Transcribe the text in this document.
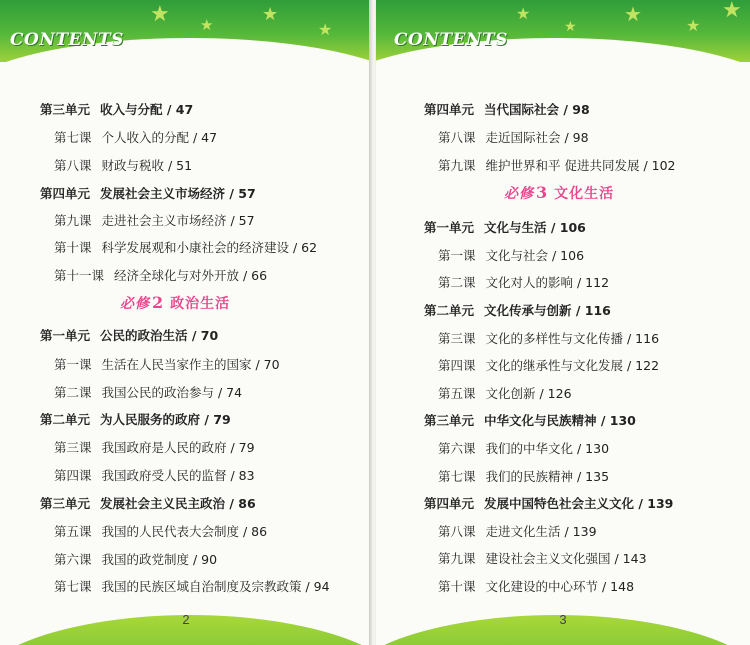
★ ★	★
★
CONTENTS
第三单元 收入与分配 / 47
第七课 个人收入的分配 / 47
第八课 财政与税收 / 51
第四单元 发展社会主义市场经济 / 57
第九课 走进社会主义市场经济 / 57
第十课 科学发展观和小康社会的经济建设 / 62
第十一课 经济全球化与对外开放 / 66
必修 2 政治生活
第一单元 公民的政治生活 / 70
第一课 生活在人民当家作主的国家 / 70
第二课 我国公民的政治参与 / 74
第二单元 为人民服务的政府 / 79
第三课 我国政府是人民的政府 / 79
第四课 我国政府受人民的监督 / 83
第三单元 发展社会主义民主政治 / 86
第五课 我国的人民代表大会制度 / 86
第六课 我国的政党制度 / 90
第七课 我国的民族区域自治制度及宗教政策 / 94
2
★
★
★	★
★
CONTENTS
第四单元 当代国际社会 / 98
第八课 走近国际社会 / 98
第九课 维护世界和平 促进共同发展 / 102
必修 3 文化生活
第一单元 文化与生活 / 106
第一课 文化与社会 / 106
第二课 文化对人的影响 / 112
第二单元 文化传承与创新 / 116
第三课 文化的多样性与文化传播 / 116
第四课 文化的继承性与文化发展 / 122
第五课 文化创新 / 126
第三单元 中华文化与民族精神 / 130
第六课 我们的中华文化 / 130
第七课 我们的民族精神 / 135
第四单元 发展中国特色社会主义文化 / 139
第八课 走进文化生活 / 139
第九课 建设社会主义文化强国 / 143
第十课 文化建设的中心环节 / 148
3
